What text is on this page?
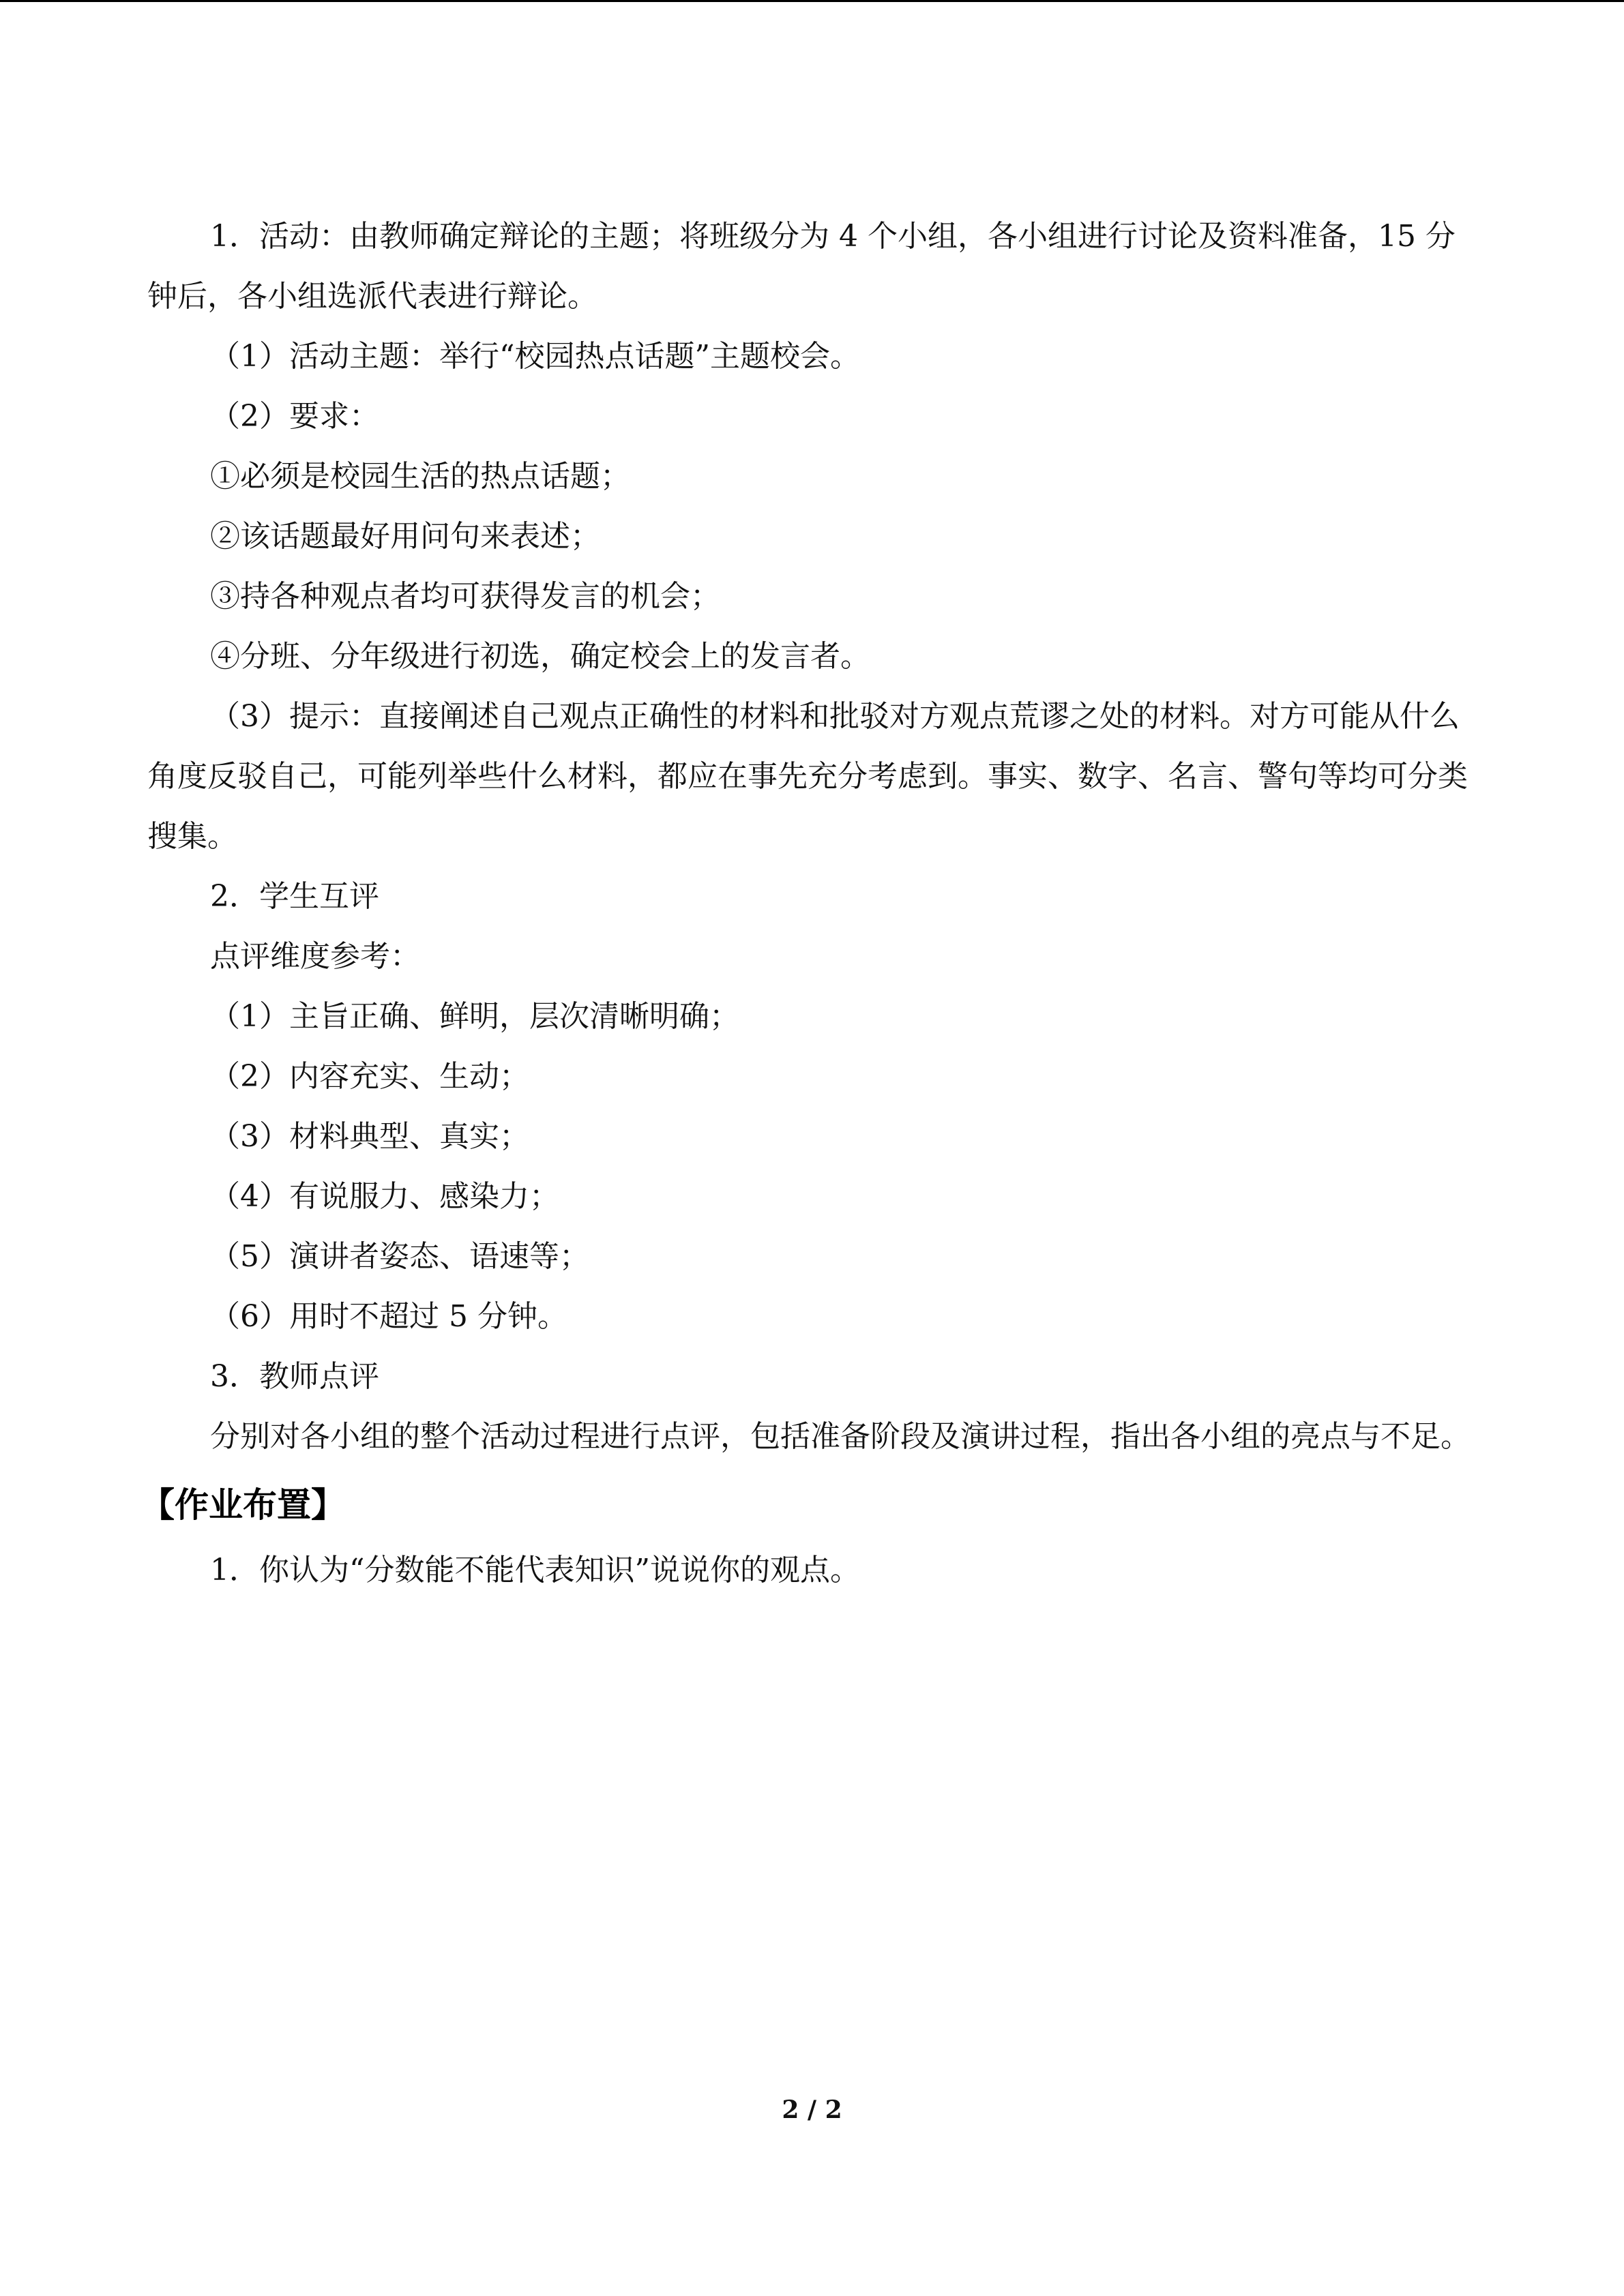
1．活动：由教师确定辩论的主题；将班级分为 4 个小组，各小组进行讨论及资料准备，15 分钟后，各小组选派代表进行辩论。

（1）活动主题：举行“校园热点话题”主题校会。

（2）要求：

①必须是校园生活的热点话题；

②该话题最好用问句来表述；

③持各种观点者均可获得发言的机会；

④分班、分年级进行初选，确定校会上的发言者。

（3）提示：直接阐述自己观点正确性的材料和批驳对方观点荒谬之处的材料。对方可能从什么角度反驳自己，可能列举些什么材料，都应在事先充分考虑到。事实、数字、名言、警句等均可分类搜集。

2．学生互评

点评维度参考：

（1）主旨正确、鲜明，层次清晰明确；

（2）内容充实、生动；

（3）材料典型、真实；

（4）有说服力、感染力；

（5）演讲者姿态、语速等；

（6）用时不超过 5 分钟。

3．教师点评

分别对各小组的整个活动过程进行点评，包括准备阶段及演讲过程，指出各小组的亮点与不足。

【作业布置】

1．你认为“分数能不能代表知识”说说你的观点。

2 / 2
